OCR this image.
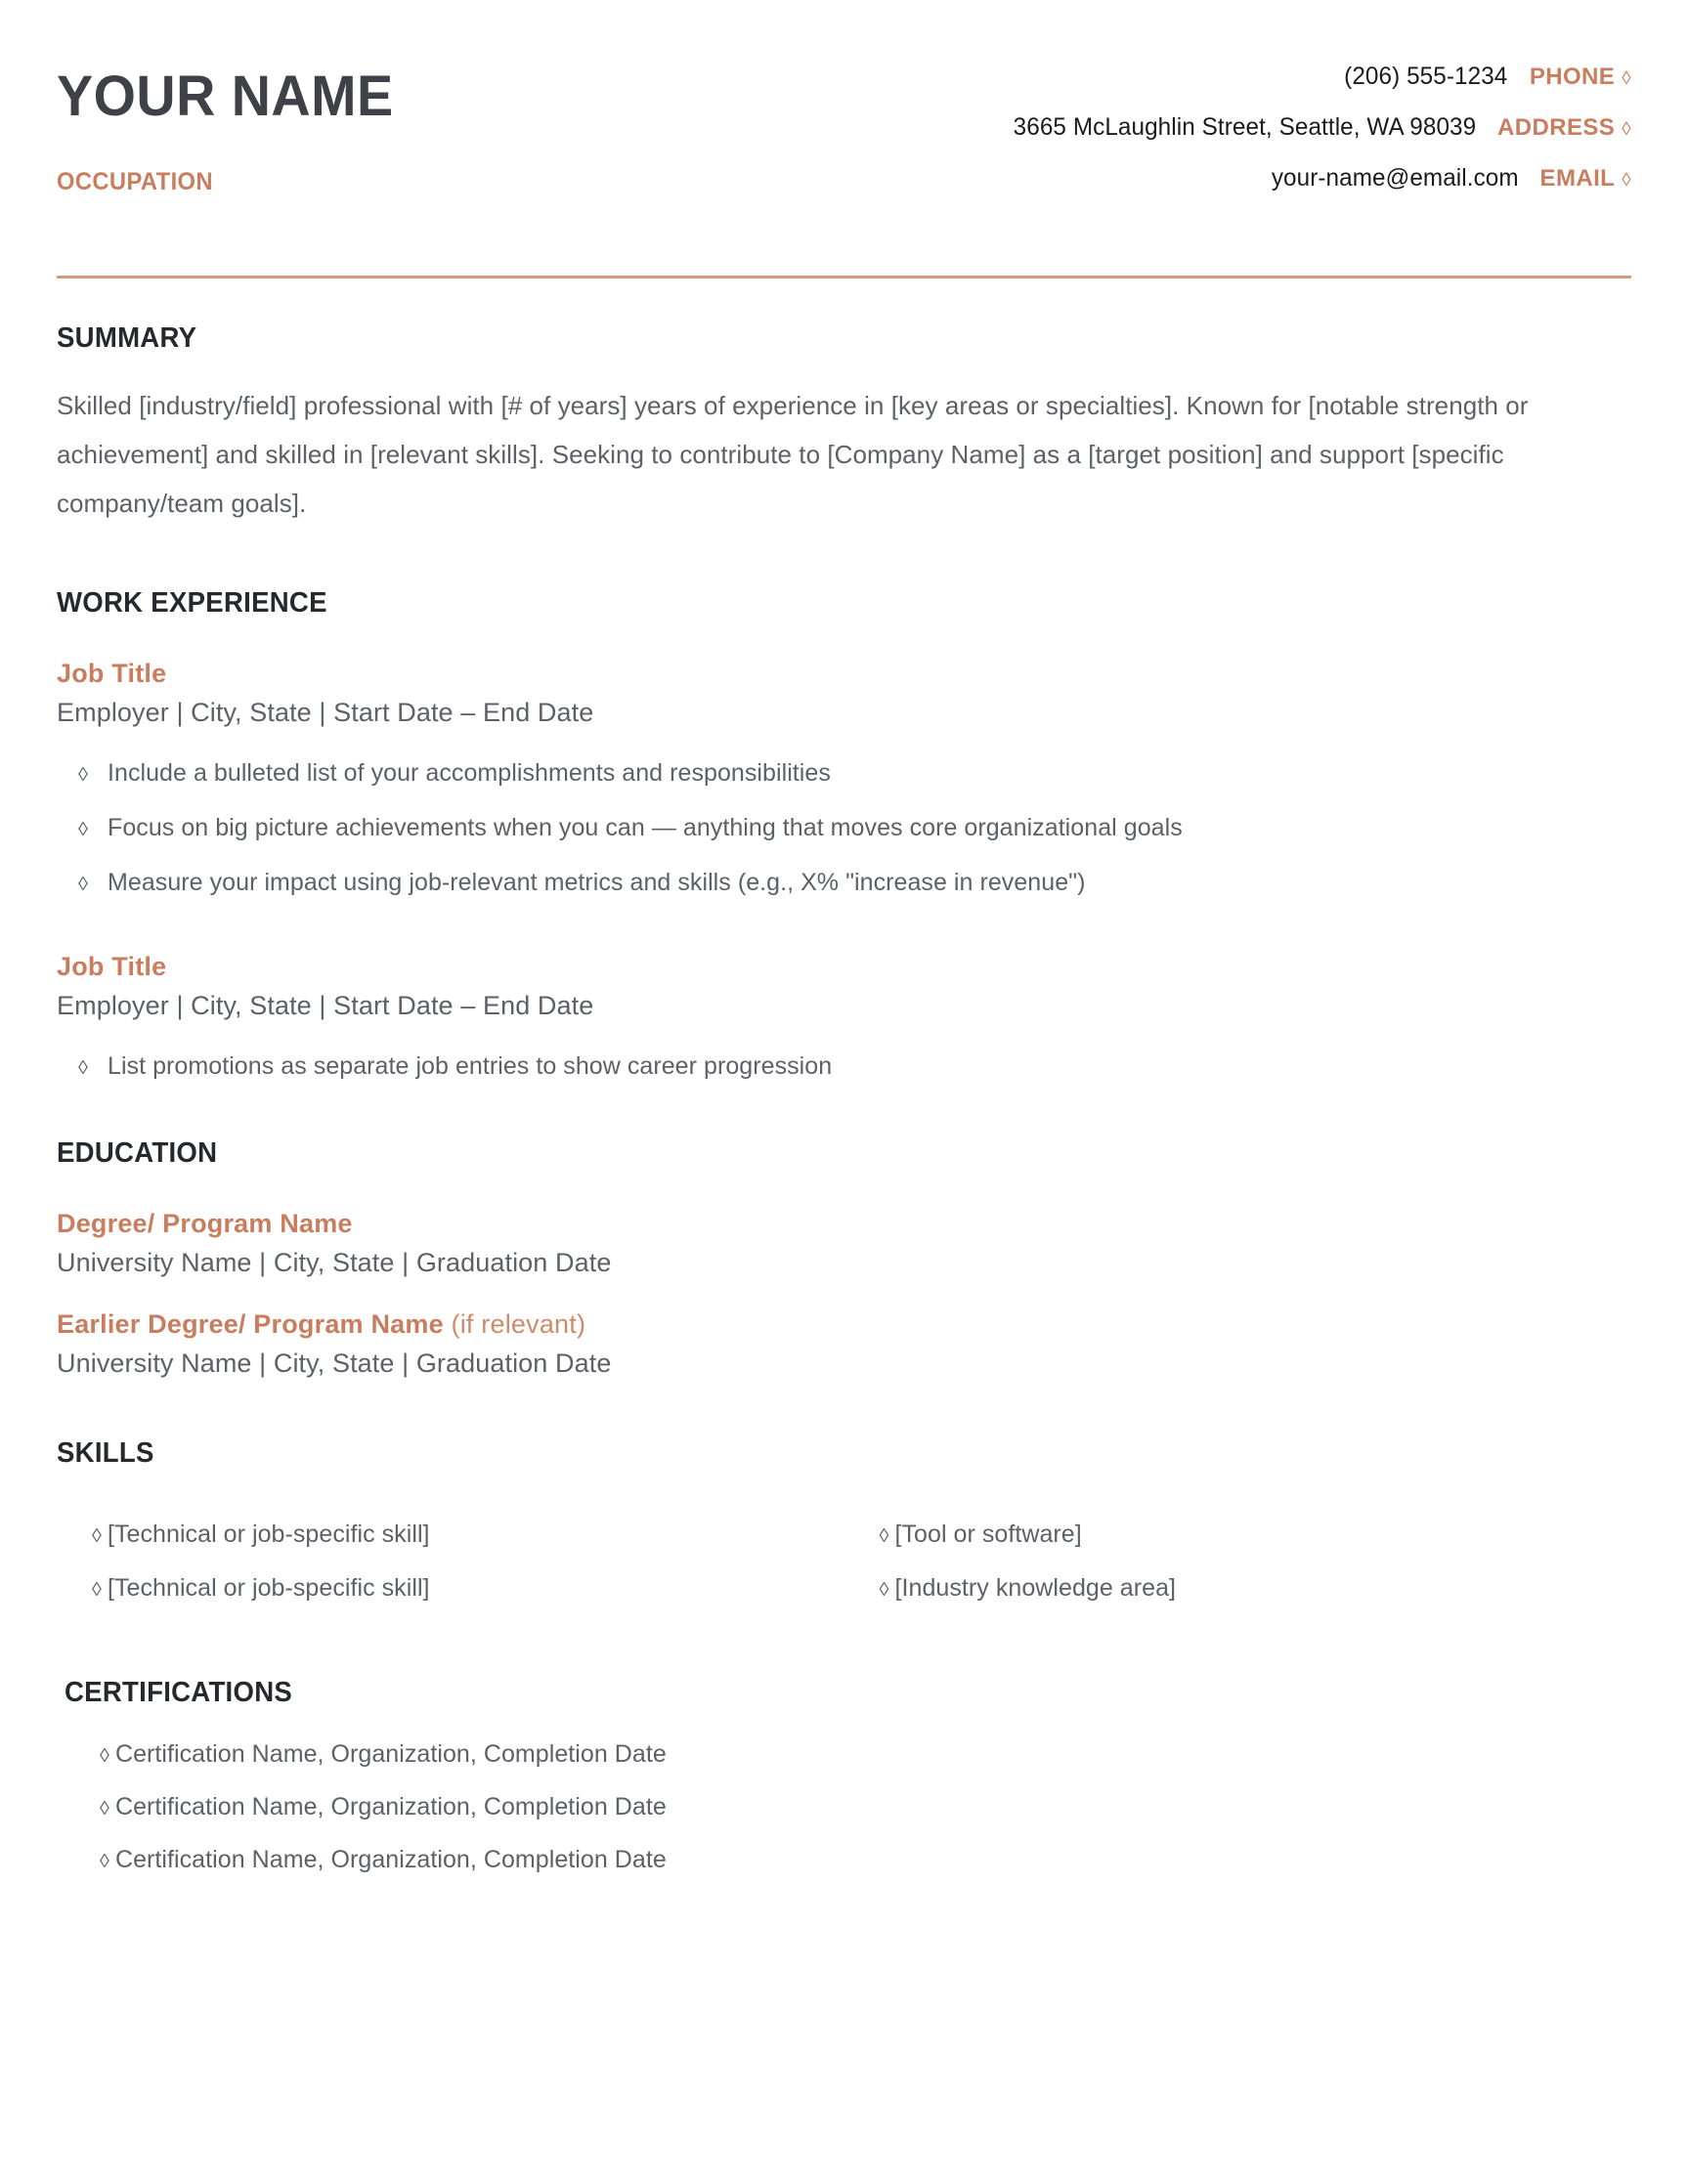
YOUR NAME
OCCUPATION
(206) 555-1234 PHONE ◊
3665 McLaughlin Street, Seattle, WA 98039 ADDRESS ◊
your-name@email.com EMAIL ◊
SUMMARY
Skilled [industry/field] professional with [# of years] years of experience in [key areas or specialties]. Known for [notable strength or achievement] and skilled in [relevant skills]. Seeking to contribute to [Company Name] as a [target position] and support [specific company/team goals].
WORK EXPERIENCE
Job Title
Employer | City, State | Start Date – End Date
◊ Include a bulleted list of your accomplishments and responsibilities
◊ Focus on big picture achievements when you can — anything that moves core organizational goals
◊ Measure your impact using job-relevant metrics and skills (e.g., X% "increase in revenue")
Job Title
Employer | City, State | Start Date – End Date
◊ List promotions as separate job entries to show career progression
EDUCATION
Degree/ Program Name
University Name | City, State | Graduation Date
Earlier Degree/ Program Name (if relevant)
University Name | City, State | Graduation Date
SKILLS
◊ [Technical or job-specific skill]
◊ [Technical or job-specific skill]
◊ [Tool or software]
◊ [Industry knowledge area]
CERTIFICATIONS
◊ Certification Name, Organization, Completion Date
◊ Certification Name, Organization, Completion Date
◊ Certification Name, Organization, Completion Date
